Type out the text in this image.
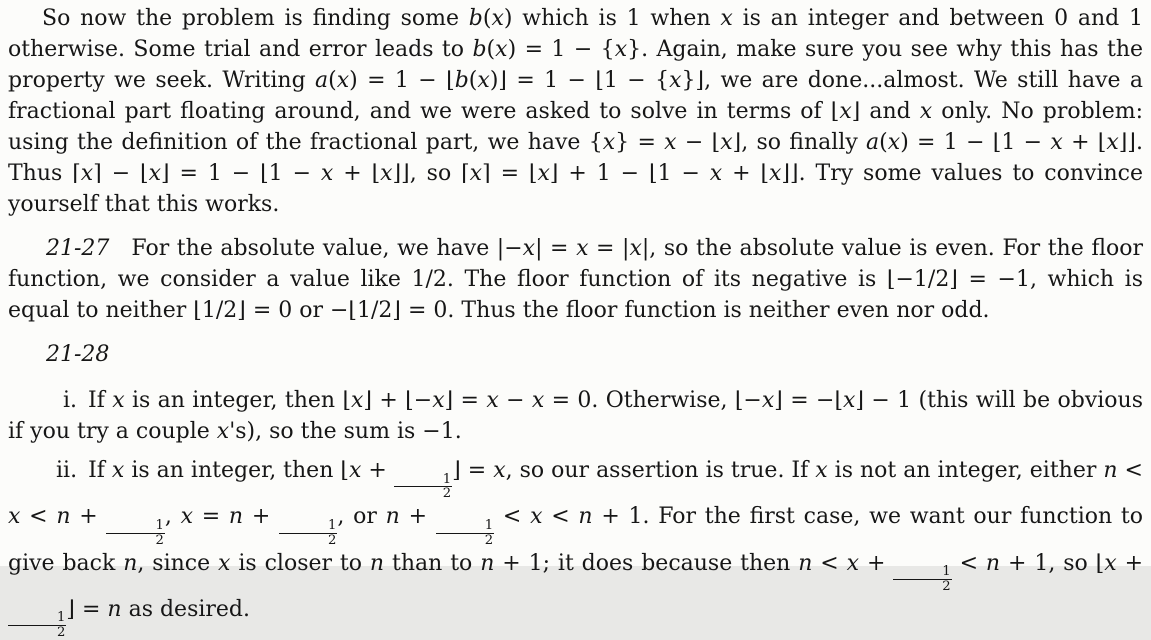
So now the problem is finding some b(x) which is 1 when x is an integer and between 0 and 1 otherwise. Some trial and error leads to b(x) = 1 − {x}. Again, make sure you see why this has the property we seek. Writing a(x) = 1 − ⌊b(x)⌋ = 1 − ⌊1 − {x}⌋, we are done...almost. We still have a fractional part floating around, and we were asked to solve in terms of ⌊x⌋ and x only. No problem: using the definition of the fractional part, we have {x} = x − ⌊x⌋, so finally a(x) = 1 − ⌊1 − x + ⌊x⌋⌋. Thus ⌈x⌉ − ⌊x⌋ = 1 − ⌊1 − x + ⌊x⌋⌋, so ⌈x⌉ = ⌊x⌋ + 1 − ⌊1 − x + ⌊x⌋⌋. Try some values to convince yourself that this works.

21-27 For the absolute value, we have |−x| = x = |x|, so the absolute value is even. For the floor function, we consider a value like 1/2. The floor function of its negative is ⌊−1/2⌋ = −1, which is equal to neither ⌊1/2⌋ = 0 or −⌊1/2⌋ = 0. Thus the floor function is neither even nor odd.

21-28

i. If x is an integer, then ⌊x⌋ + ⌊−x⌋ = x − x = 0. Otherwise, ⌊−x⌋ = −⌊x⌋ − 1 (this will be obvious if you try a couple x's), so the sum is −1.

ii. If x is an integer, then ⌊x +
$\frac{1}{2}$
⌋ = x, so our assertion is true. If x is not an integer, either n < x < n +
$\frac{1}{2}$
, x = n +
$\frac{1}{2}$
, or n +
$\frac{1}{2}$
< x < n + 1. For the first case, we want our function to give back n, since x is closer to n than to n + 1; it does because then n < x +
$\frac{1}{2}$
< n + 1, so ⌊x +
$\frac{1}{2}$
⌋ = n as desired.
